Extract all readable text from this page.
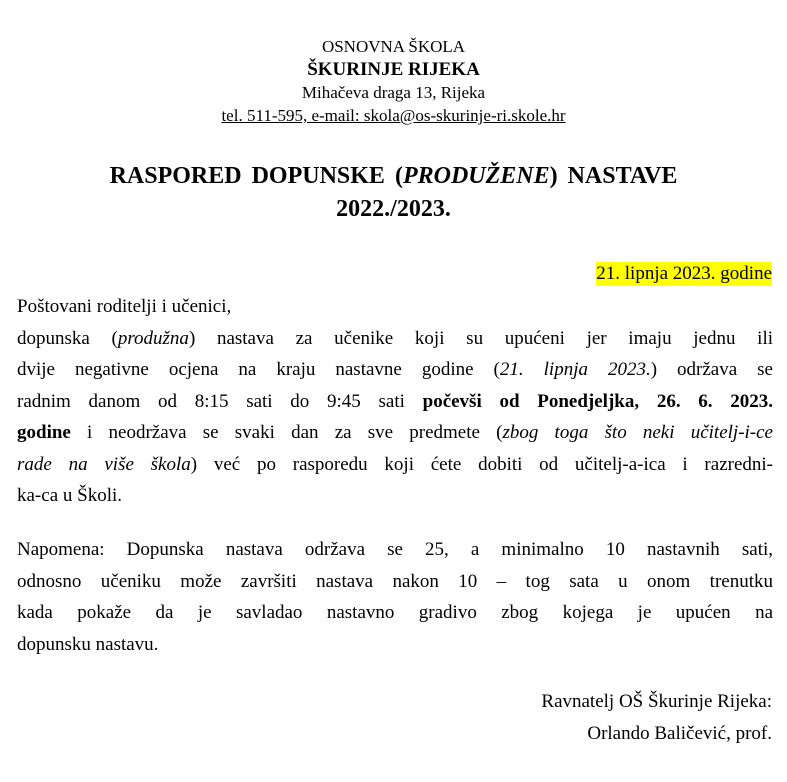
OSNOVNA ŠKOLA
ŠKURINJE RIJEKA
Mihačeva draga 13, Rijeka
tel. 511-595, e-mail: skola@os-skurinje-ri.skole.hr
RASPORED DOPUNSKE (PRODUŽENE) NASTAVE
2022./2023.
21. lipnja 2023. godine
Poštovani roditelji i učenici,
dopunska (produžna) nastava za učenike koji su upućeni jer imaju jednu ili
dvije negativne ocjena na kraju nastavne godine (21. lipnja 2023.) održava se
radnim danom od 8:15 sati do 9:45 sati počevši od Ponedjeljka, 26. 6. 2023.
godine i neodržava se svaki dan za sve predmete (zbog toga što neki učitelj-i-ce
rade na više škola) već po rasporedu koji ćete dobiti od učitelj-a-ica i razredni-
ka-ca u Školi.
Napomena: Dopunska nastava održava se 25, a minimalno 10 nastavnih sati,
odnosno učeniku može završiti nastava nakon 10 – tog sata u onom trenutku
kada pokaže da je savladao nastavno gradivo zbog kojega je upućen na
dopunsku nastavu.
Ravnatelj OŠ Škurinje Rijeka:
Orlando Baličević, prof.
